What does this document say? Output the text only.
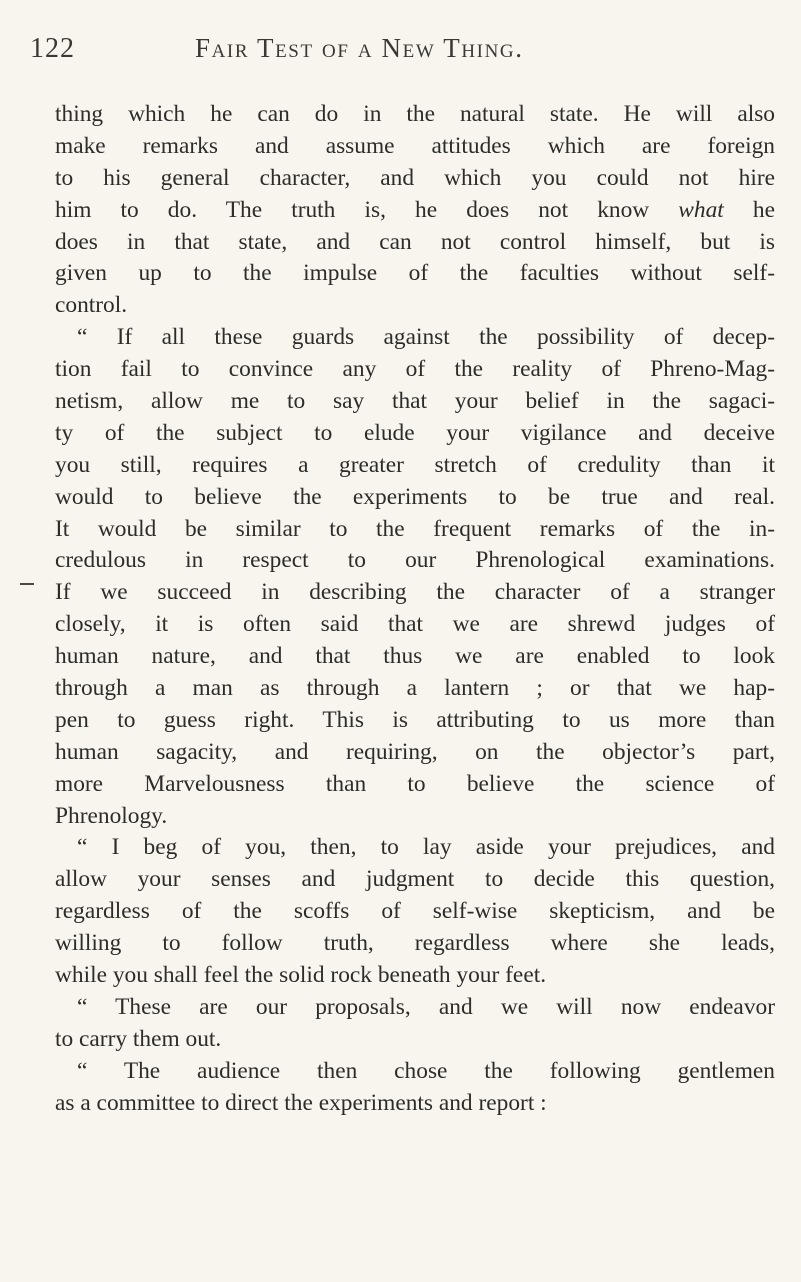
122	Fair Test of a New Thing.
thing which he can do in the natural state. He will also
make remarks and assume attitudes which are foreign
to his general character, and which you could not hire
him to do. The truth is, he does not know what he
does in that state, and can not control himself, but is
given up to the impulse of the faculties without self-
control.
“ If all these guards against the possibility of decep-
tion fail to convince any of the reality of Phreno-Mag-
netism, allow me to say that your belief in the sagaci-
ty of the subject to elude your vigilance and deceive
you still, requires a greater stretch of credulity than it
would to believe the experiments to be true and real.
It would be similar to the frequent remarks of the in-
credulous in respect to our Phrenological examinations.
If we succeed in describing the character of a stranger
closely, it is often said that we are shrewd judges of
human nature, and that thus we are enabled to look
through a man as through a lantern ; or that we hap-
pen to guess right. This is attributing to us more than
human sagacity, and requiring, on the objector’s part,
more Marvelousness than to believe the science of
Phrenology.
“ I beg of you, then, to lay aside your prejudices, and
allow your senses and judgment to decide this question,
regardless of the scoffs of self-wise skepticism, and be
willing to follow truth, regardless where she leads,
while you shall feel the solid rock beneath your feet.
“ These are our proposals, and we will now endeavor
to carry them out.
“ The audience then chose the following gentlemen
as a committee to direct the experiments and report :
